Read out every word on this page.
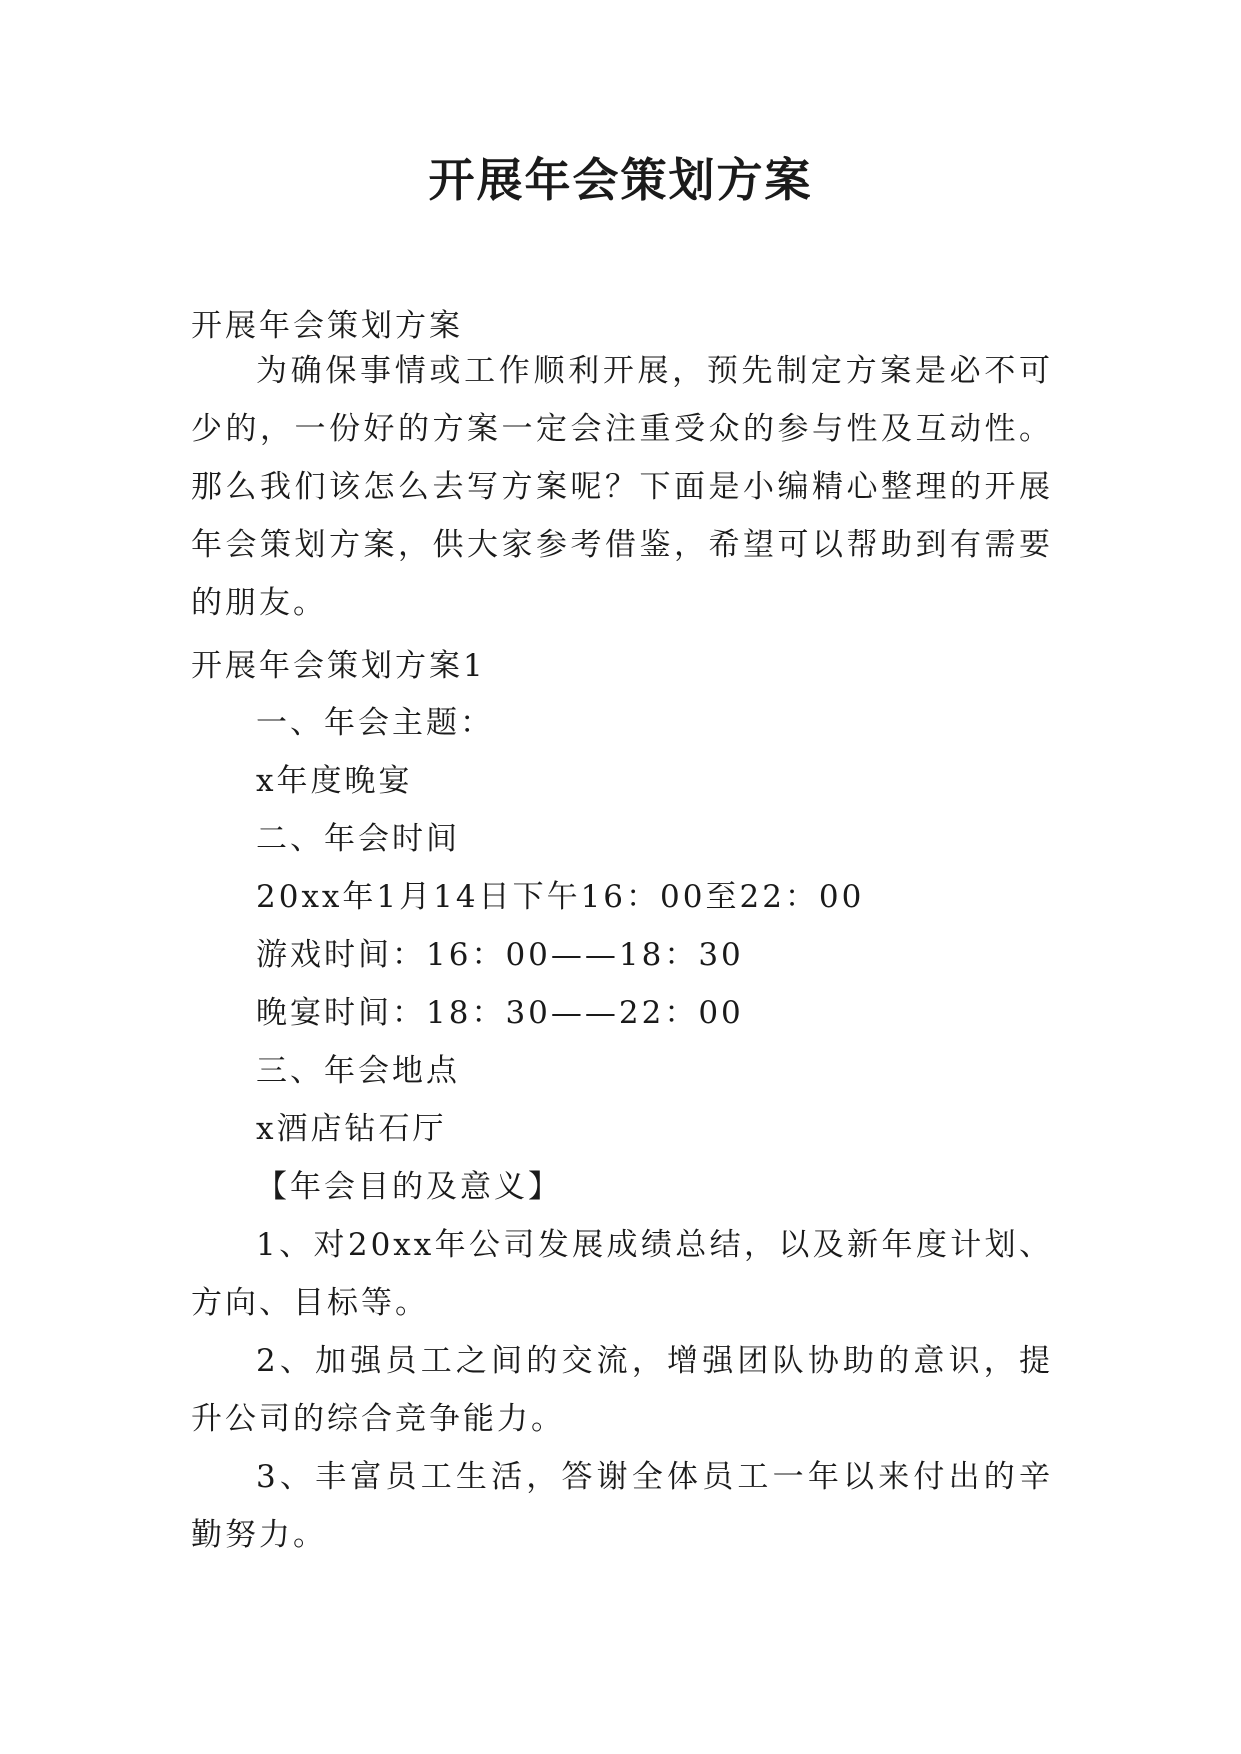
开展年会策划方案

开展年会策划方案

为确保事情或工作顺利开展，预先制定方案是必不可少的，一份好的方案一定会注重受众的参与性及互动性。那么我们该怎么去写方案呢？下面是小编精心整理的开展年会策划方案，供大家参考借鉴，希望可以帮助到有需要的朋友。

开展年会策划方案1

一、年会主题：

x年度晚宴

二、年会时间

20xx年1月14日下午16：00至22：00

游戏时间：16：00——18：30

晚宴时间：18：30——22：00

三、年会地点

x酒店钻石厅

【年会目的及意义】

1、对20xx年公司发展成绩总结，以及新年度计划、方向、目标等。

2、加强员工之间的交流，增强团队协助的意识，提升公司的综合竞争能力。

3、丰富员工生活，答谢全体员工一年以来付出的辛勤努力。
